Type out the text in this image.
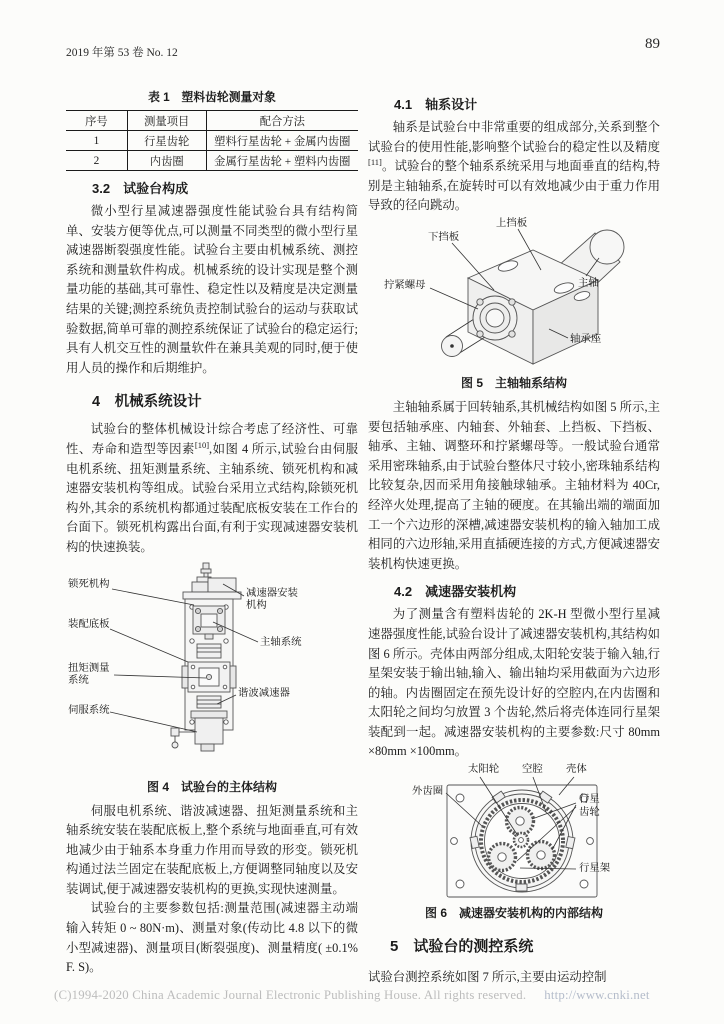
2019 年第 53 卷 No. 12
89
表 1　塑料齿轮测量对象
序号	测量项目	配合方法
1	行星齿轮	塑料行星齿轮 + 金属内齿圈
2	内齿圈	金属行星齿轮 + 塑料内齿圈
3.2　试验台构成

微小型行星减速器强度性能试验台具有结构简单、安装方便等优点,可以测量不同类型的微小型行星减速器断裂强度性能。试验台主要由机械系统、测控系统和测量软件构成。机械系统的设计实现是整个测量功能的基础,其可靠性、稳定性以及精度是决定测量结果的关键;测控系统负责控制试验台的运动与获取试验数据,简单可靠的测控系统保证了试验台的稳定运行;具有人机交互性的测量软件在兼具美观的同时,便于使用人员的操作和后期维护。

4　机械系统设计

试验台的整体机械设计综合考虑了经济性、可靠性、寿命和造型等因素[10],如图 4 所示,试验台由伺服电机系统、扭矩测量系统、主轴系统、锁死机构和减速器安装机构等组成。试验台采用立式结构,除锁死机构外,其余的系统机构都通过装配底板安装在工作台的台面下。锁死机构露出台面,有利于实现减速器安装机构的快速换装。

锁死机构
减速器安装机构
装配底板
主轴系统
扭矩测量系统
谐波减速器
伺服系统
图 4　试验台的主体结构

伺服电机系统、谐波减速器、扭矩测量系统和主轴系统安装在装配底板上,整个系统与地面垂直,可有效地减少由于轴系本身重力作用而导致的形变。锁死机构通过法兰固定在装配底板上,方便调整同轴度以及安装调试,便于减速器安装机构的更换,实现快速测量。

试验台的主要参数包括:测量范围(减速器主动端输入转矩 0 ~ 80N·m)、测量对象(传动比 4.8 以下的微小型减速器)、测量项目(断裂强度)、测量精度( ±0.1% F. S)。

4.1　轴系设计

轴系是试验台中非常重要的组成部分,关系到整个试验台的使用性能,影响整个试验台的稳定性以及精度[11]。试验台的整个轴系系统采用与地面垂直的结构,特别是主轴轴系,在旋转时可以有效地减少由于重力作用导致的径向跳动。

上挡板
下挡板
拧紧螺母	主轴
轴承座
图 5　主轴轴系结构

主轴轴系属于回转轴系,其机械结构如图 5 所示,主要包括轴承座、内轴套、外轴套、上挡板、下挡板、轴承、主轴、调整环和拧紧螺母等。一般试验台通常采用密珠轴系,由于试验台整体尺寸较小,密珠轴系结构比较复杂,因而采用角接触球轴承。主轴材料为 40Cr,经淬火处理,提高了主轴的硬度。在其输出端的端面加工一个六边形的深槽,减速器安装机构的输入轴加工成相同的六边形轴,采用直插硬连接的方式,方便减速器安装机构快速更换。

4.2　减速器安装机构

为了测量含有塑料齿轮的 2K-H 型微小型行星减速器强度性能,试验台设计了减速器安装机构,其结构如图 6 所示。壳体由两部分组成,太阳轮安装于输入轴,行星架安装于输出轴,输入、输出轴均采用截面为六边形的轴。内齿圈固定在预先设计好的空腔内,在内齿圈和太阳轮之间均匀放置 3 个齿轮,然后将壳体连同行星架装配到一起。减速器安装机构的主要参数:尺寸 80mm ×80mm ×100mm。

太阳轮 空腔 壳体
外齿圈
行星齿轮
行星架
图 6　减速器安装机构的内部结构
5　试验台的测控系统

试验台测控系统如图 7 所示,主要由运动控制

(C)1994-2020 China Academic Journal Electronic Publishing House. All rights reserved. http://www.cnki.net
